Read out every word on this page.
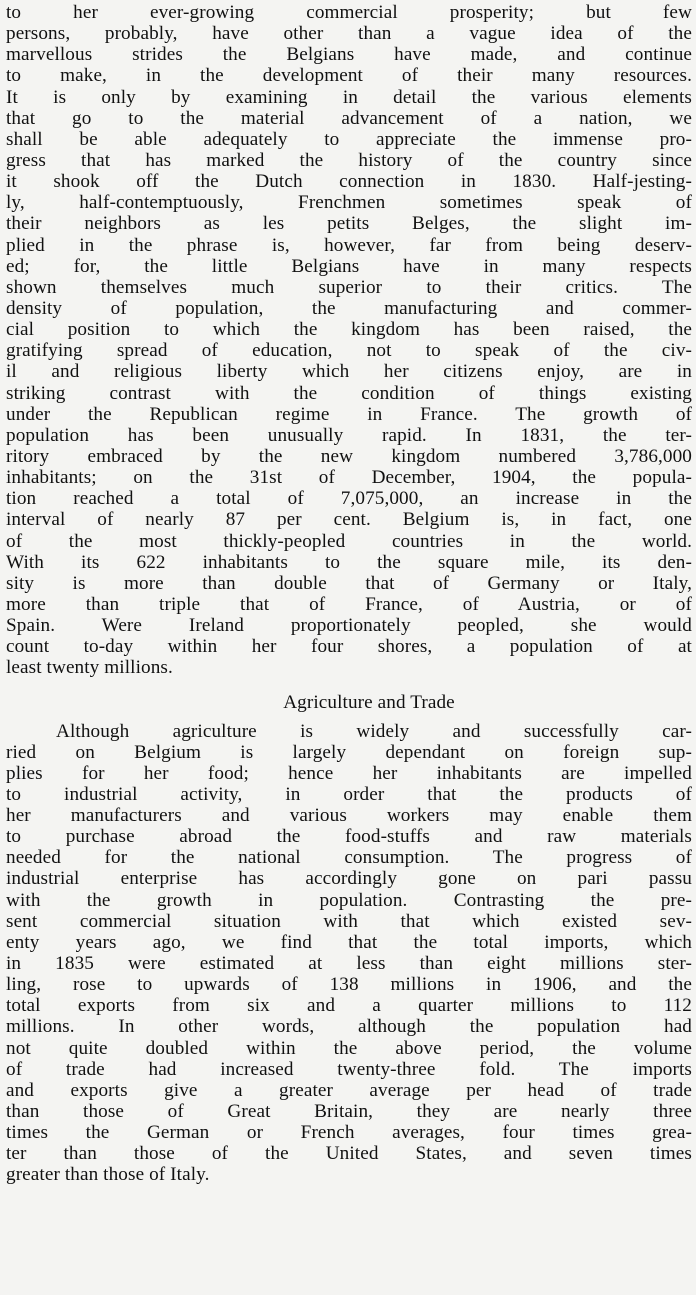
to her ever-growing commercial prosperity; but few
persons, probably, have other than a vague idea of the
marvellous strides the Belgians have made, and continue
to make, in the development of their many resources.
It is only by examining in detail the various elements
that go to the material advancement of a nation, we
shall be able adequately to appreciate the immense pro-
gress that has marked the history of the country since
it shook off the Dutch connection in 1830. Half-jesting-
ly, half-contemptuously, Frenchmen sometimes speak of
their neighbors as les petits Belges, the slight im-
plied in the phrase is, however, far from being deserv-
ed; for, the little Belgians have in many respects
shown themselves much superior to their critics. The
density of population, the manufacturing and commer-
cial position to which the kingdom has been raised, the
gratifying spread of education, not to speak of the civ-
il and religious liberty which her citizens enjoy, are in
striking contrast with the condition of things existing
under the Republican regime in France. The growth of
population has been unusually rapid. In 1831, the ter-
ritory embraced by the new kingdom numbered 3,786,000
inhabitants; on the 31st of December, 1904, the popula-
tion reached a total of 7,075,000, an increase in the
interval of nearly 87 per cent. Belgium is, in fact, one
of the most thickly-peopled countries in the world.
With its 622 inhabitants to the square mile, its den-
sity is more than double that of Germany or Italy,
more than triple that of France, of Austria, or of
Spain. Were Ireland proportionately peopled, she would
count to-day within her four shores, a population of at
least twenty millions.
Agriculture and Trade
Although agriculture is widely and successfully car-
ried on Belgium is largely dependant on foreign sup-
plies for her food; hence her inhabitants are impelled
to industrial activity, in order that the products of
her manufacturers and various workers may enable them
to purchase abroad the food-stuffs and raw materials
needed for the national consumption. The progress of
industrial enterprise has accordingly gone on pari passu
with the growth in population. Contrasting the pre-
sent commercial situation with that which existed sev-
enty years ago, we find that the total imports, which
in 1835 were estimated at less than eight millions ster-
ling, rose to upwards of 138 millions in 1906, and the
total exports from six and a quarter millions to 112
millions. In other words, although the population had
not quite doubled within the above period, the volume
of trade had increased twenty-three fold. The imports
and exports give a greater average per head of trade
than those of Great Britain, they are nearly three
times the German or French averages, four times grea-
ter than those of the United States, and seven times
greater than those of Italy.
